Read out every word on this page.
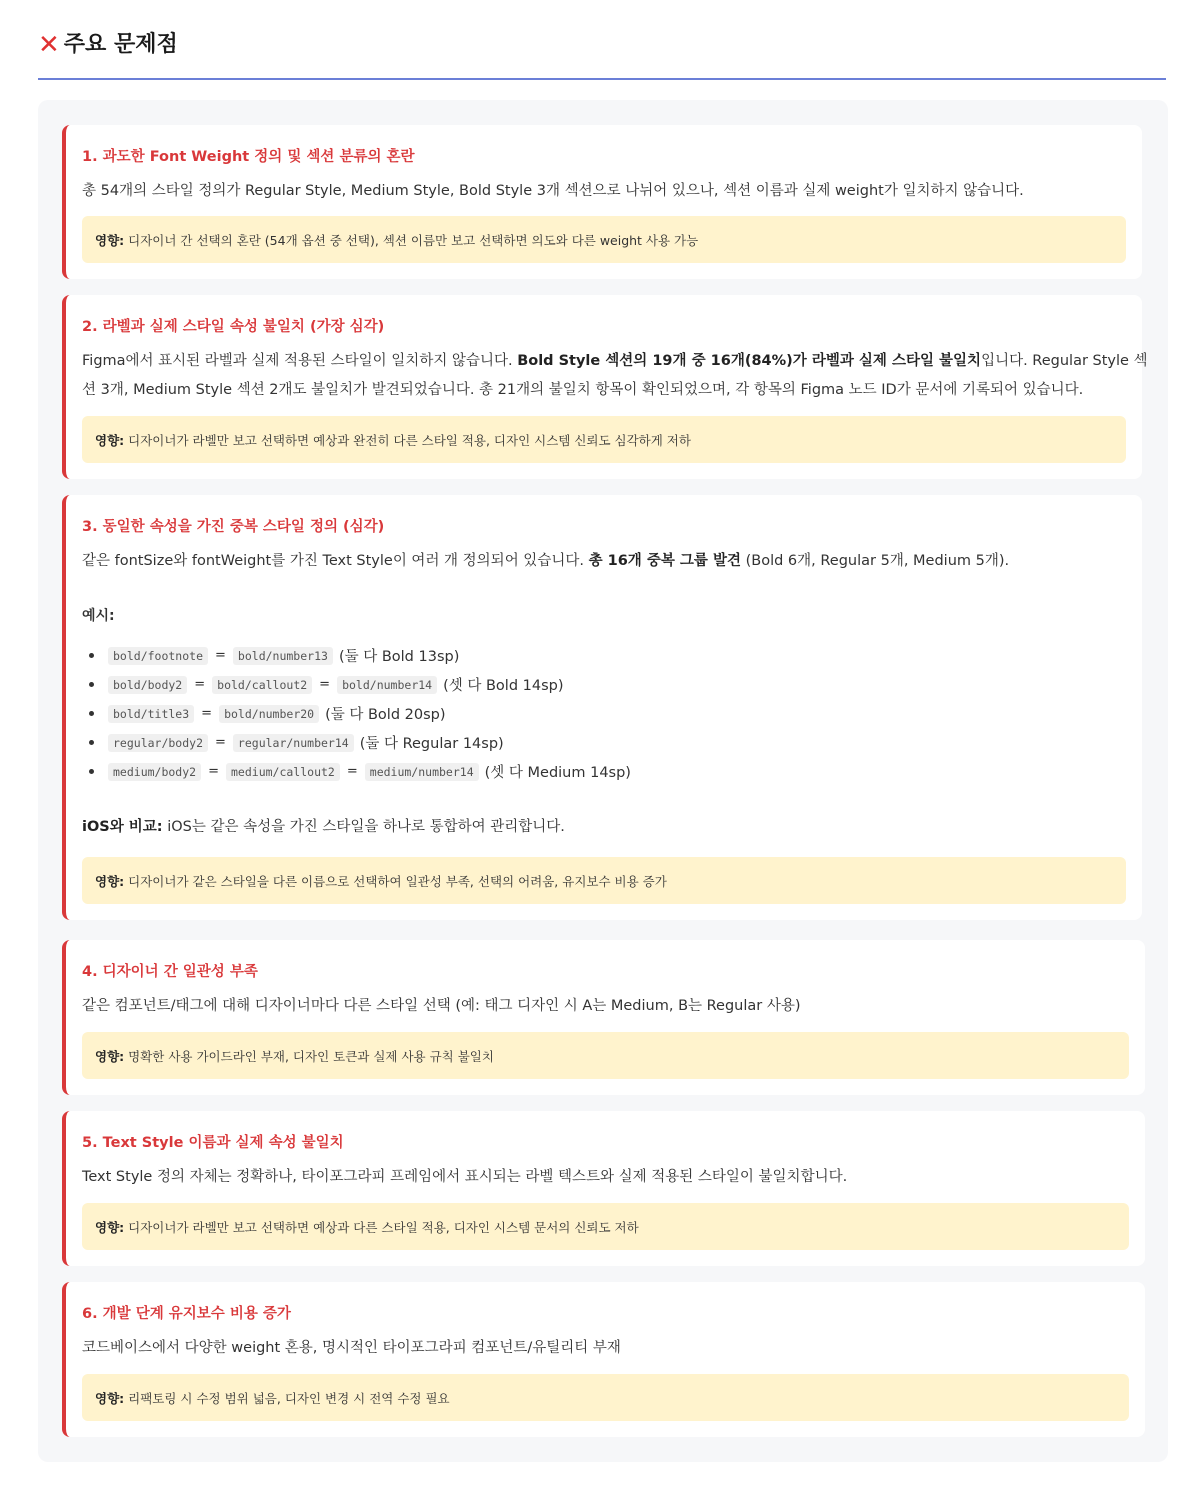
✕ 주요 문제점
1. 과도한 Font Weight 정의 및 섹션 분류의 혼란
총 54개의 스타일 정의가 Regular Style, Medium Style, Bold Style 3개 섹션으로 나뉘어 있으나, 섹션 이름과 실제 weight가 일치하지 않습니다.
영향: 디자이너 간 선택의 혼란 (54개 옵션 중 선택), 섹션 이름만 보고 선택하면 의도와 다른 weight 사용 가능
2. 라벨과 실제 스타일 속성 불일치 (가장 심각)
Figma에서 표시된 라벨과 실제 적용된 스타일이 일치하지 않습니다. Bold Style 섹션의 19개 중 16개(84%)가 라벨과 실제 스타일 불일치입니다. Regular Style 섹
션 3개, Medium Style 섹션 2개도 불일치가 발견되었습니다. 총 21개의 불일치 항목이 확인되었으며, 각 항목의 Figma 노드 ID가 문서에 기록되어 있습니다.
영향: 디자이너가 라벨만 보고 선택하면 예상과 완전히 다른 스타일 적용, 디자인 시스템 신뢰도 심각하게 저하
3. 동일한 속성을 가진 중복 스타일 정의 (심각)
같은 fontSize와 fontWeight를 가진 Text Style이 여러 개 정의되어 있습니다. 총 16개 중복 그룹 발견 (Bold 6개, Regular 5개, Medium 5개).
예시:
bold/footnote =	bold/number13 (둘 다 Bold 13sp)
bold/body2 =	bold/callout2 =	bold/number14 (셋 다 Bold 14sp)
bold/title3 =	bold/number20 (둘 다 Bold 20sp)
regular/body2 =	regular/number14 (둘 다 Regular 14sp)
medium/body2 =	medium/callout2 =	medium/number14 (셋 다 Medium 14sp)
iOS와 비교: iOS는 같은 속성을 가진 스타일을 하나로 통합하여 관리합니다.
영향: 디자이너가 같은 스타일을 다른 이름으로 선택하여 일관성 부족, 선택의 어려움, 유지보수 비용 증가
4. 디자이너 간 일관성 부족
같은 컴포넌트/태그에 대해 디자이너마다 다른 스타일 선택 (예: 태그 디자인 시 A는 Medium, B는 Regular 사용)
영향: 명확한 사용 가이드라인 부재, 디자인 토큰과 실제 사용 규칙 불일치
5. Text Style 이름과 실제 속성 불일치
Text Style 정의 자체는 정확하나, 타이포그라피 프레임에서 표시되는 라벨 텍스트와 실제 적용된 스타일이 불일치합니다.
영향: 디자이너가 라벨만 보고 선택하면 예상과 다른 스타일 적용, 디자인 시스템 문서의 신뢰도 저하
6. 개발 단계 유지보수 비용 증가
코드베이스에서 다양한 weight 혼용, 명시적인 타이포그라피 컴포넌트/유틸리티 부재
영향: 리팩토링 시 수정 범위 넓음, 디자인 변경 시 전역 수정 필요
